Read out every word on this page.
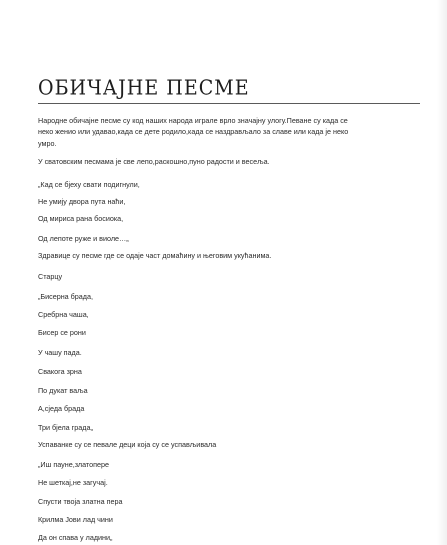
ОБИЧАЈНЕ ПЕСМЕ
Народне обичајне песме су код наших народа играле врло значајну улогу.Певане су када се
неко женио или удавао,када се дете родило,када се наздрављало за славе или када је неко
умро.
У сватовским песмама је све лепо,раскошно,пуно радости и весеља.
„Кад се бјеху свати подигнули,
Не умију двора пута наћи,
Од мириса рана босиока,
Од лепоте руже и виоле…„
Здравице су песме где се одаје част домаћину и његовим укућанима.
Старцу
„Бисерна брада,
Сребрна чаша,
Бисер се рони
У чашу пада.
Свакога зрна
По дукат ваља
А,сједа брада
Три бјела града„
Успаванке су се певале деци која су се успављивала
„Иш пауне,златопере
Не шеткај,не загучај.
Спусти твоја златна пера
Крилма Јови лад чини
Да он спава у ладини„
